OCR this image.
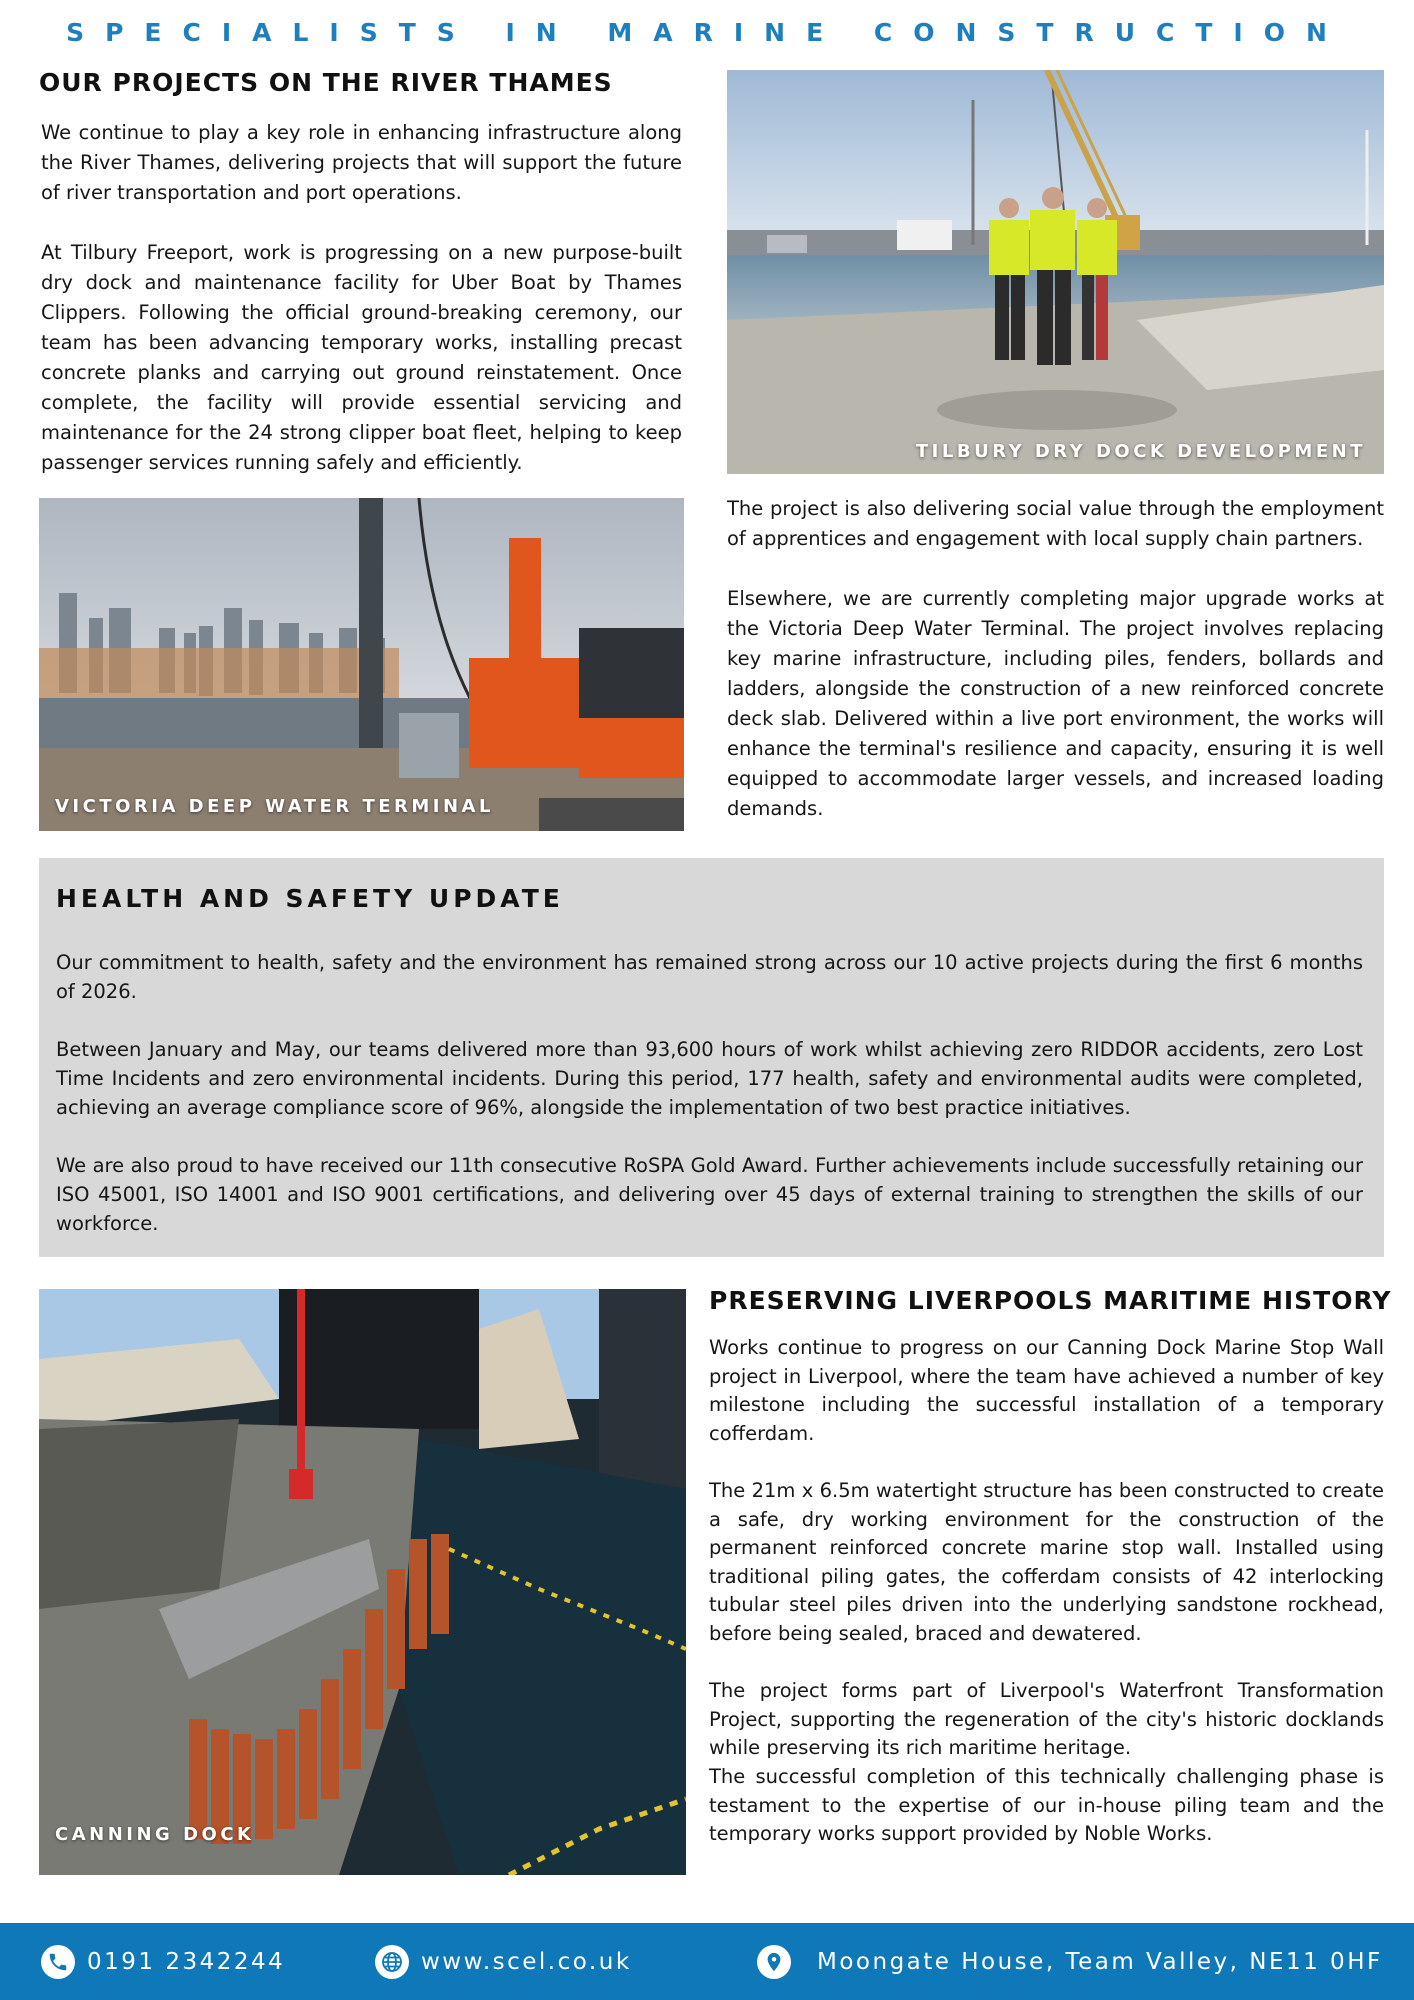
SPECIALISTS IN MARINE CONSTRUCTION
OUR PROJECTS ON THE RIVER THAMES

We continue to play a key role in enhancing infrastructure along the River Thames, delivering projects that will support the future of river transportation and port operations.

At Tilbury Freeport, work is progressing on a new purpose-built dry dock and maintenance facility for Uber Boat by Thames Clippers. Following the official ground-breaking ceremony, our team has been advancing temporary works, installing precast concrete planks and carrying out ground reinstatement. Once complete, the facility will provide essential servicing and maintenance for the 24 strong clipper boat fleet, helping to keep passenger services running safely and efficiently.	TILBURY DRY DOCK DEVELOPMENT
VICTORIA DEEP WATER TERMINAL

The project is also delivering social value through the employment of apprentices and engagement with local supply chain partners.

Elsewhere, we are currently completing major upgrade works at the Victoria Deep Water Terminal. The project involves replacing key marine infrastructure, including piles, fenders, bollards and ladders, alongside the construction of a new reinforced concrete deck slab. Delivered within a live port environment, the works will enhance the terminal's resilience and capacity, ensuring it is well equipped to accommodate larger vessels, and increased loading demands.

HEALTH AND SAFETY UPDATE

Our commitment to health, safety and the environment has remained strong across our 10 active projects during the first 6 months of 2026.

Between January and May, our teams delivered more than 93,600 hours of work whilst achieving zero RIDDOR accidents, zero Lost Time Incidents and zero environmental incidents. During this period, 177 health, safety and environmental audits were completed, achieving an average compliance score of 96%, alongside the implementation of two best practice initiatives.

We are also proud to have received our 11th consecutive RoSPA Gold Award. Further achievements include successfully retaining our ISO 45001, ISO 14001 and ISO 9001 certifications, and delivering over 45 days of external training to strengthen the skills of our workforce.

CANNING DOCK
PRESERVING LIVERPOOLS MARITIME HISTORY

Works continue to progress on our Canning Dock Marine Stop Wall project in Liverpool, where the team have achieved a number of key milestone including the successful installation of a temporary cofferdam.

The 21m x 6.5m watertight structure has been constructed to create a safe, dry working environment for the construction of the permanent reinforced concrete marine stop wall. Installed using traditional piling gates, the cofferdam consists of 42 interlocking tubular steel piles driven into the underlying sandstone rockhead, before being sealed, braced and dewatered.

The project forms part of Liverpool's Waterfront Transformation Project, supporting the regeneration of the city's historic docklands while preserving its rich maritime heritage.

The successful completion of this technically challenging phase is testament to the expertise of our in-house piling team and the temporary works support provided by Noble Works.

0191 2342244	www.scel.co.uk	Moongate House, Team Valley, NE11 0HF
